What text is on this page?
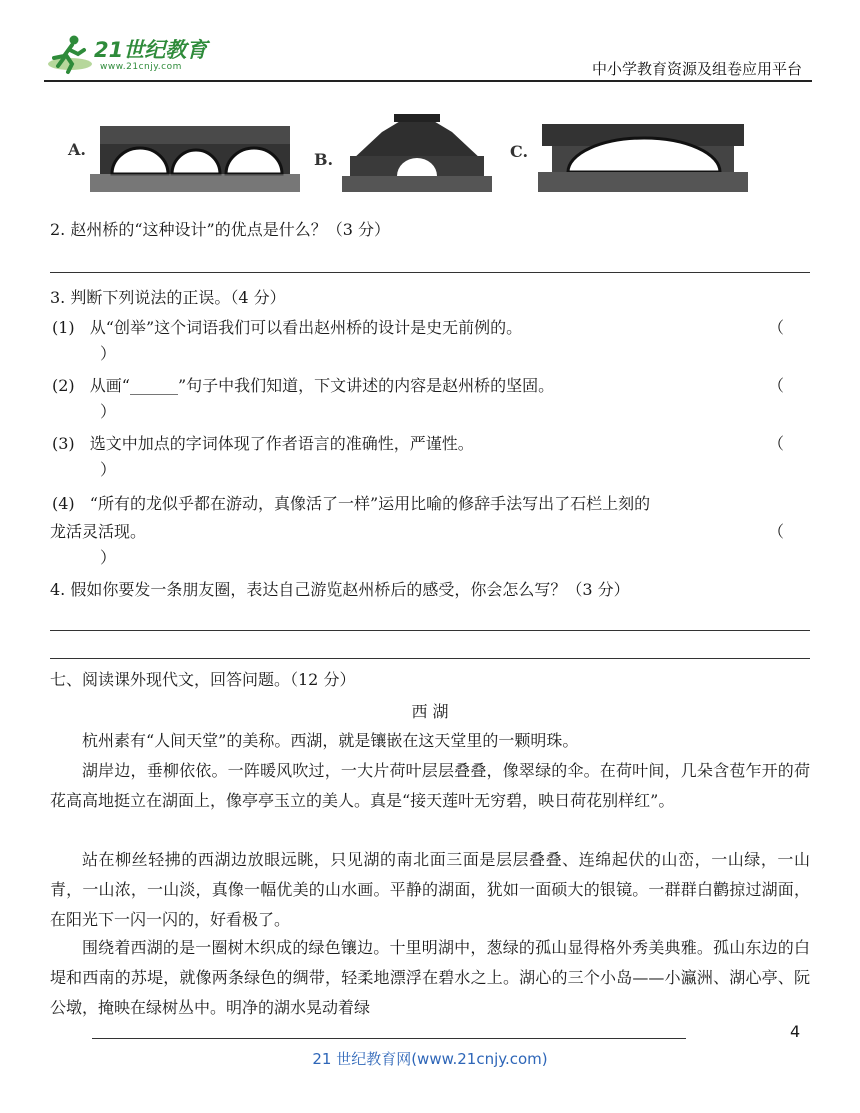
21世纪教育
www.21cnjy.com	中小学教育资源及组卷应用平台
A.
B.	C.
2. 赵州桥的“这种设计”的优点是什么？（3 分）
3. 判断下列说法的正误。（4 分）
(1) 从“创举”这个词语我们可以看出赵州桥的设计是史无前例的。	（
）
(2) 从画“______”句子中我们知道，下文讲述的内容是赵州桥的坚固。	（
）
(3) 选文中加点的字词体现了作者语言的准确性，严谨性。	（
）
(4) “所有的龙似乎都在游动，真像活了一样”运用比喻的修辞手法写出了石栏上刻的
龙活灵活现。	（
）
4. 假如你要发一条朋友圈，表达自己游览赵州桥后的感受，你会怎么写？（3 分）
七、阅读课外现代文，回答问题。（12 分）
西 湖
杭州素有“人间天堂”的美称。西湖，就是镶嵌在这天堂里的一颗明珠。
湖岸边，垂柳依依。一阵暖风吹过，一大片荷叶层层叠叠，像翠绿的伞。在荷叶间，几朵含苞乍开的荷花高高地挺立在湖面上，像亭亭玉立的美人。真是“接天莲叶无穷碧，映日荷花别样红”。
站在柳丝轻拂的西湖边放眼远眺，只见湖的南北面三面是层层叠叠、连绵起伏的山峦，一山绿，一山青，一山浓，一山淡，真像一幅优美的山水画。平静的湖面，犹如一面硕大的银镜。一群群白鹳掠过湖面，在阳光下一闪一闪的，好看极了。
围绕着西湖的是一圈树木织成的绿色镶边。十里明湖中，葱绿的孤山显得格外秀美典雅。孤山东边的白堤和西南的苏堤，就像两条绿色的绸带，轻柔地漂浮在碧水之上。湖心的三个小岛——小瀛洲、湖心亭、阮公墩，掩映在绿树丛中。明净的湖水晃动着绿
4
21 世纪教育网(www.21cnjy.com)
